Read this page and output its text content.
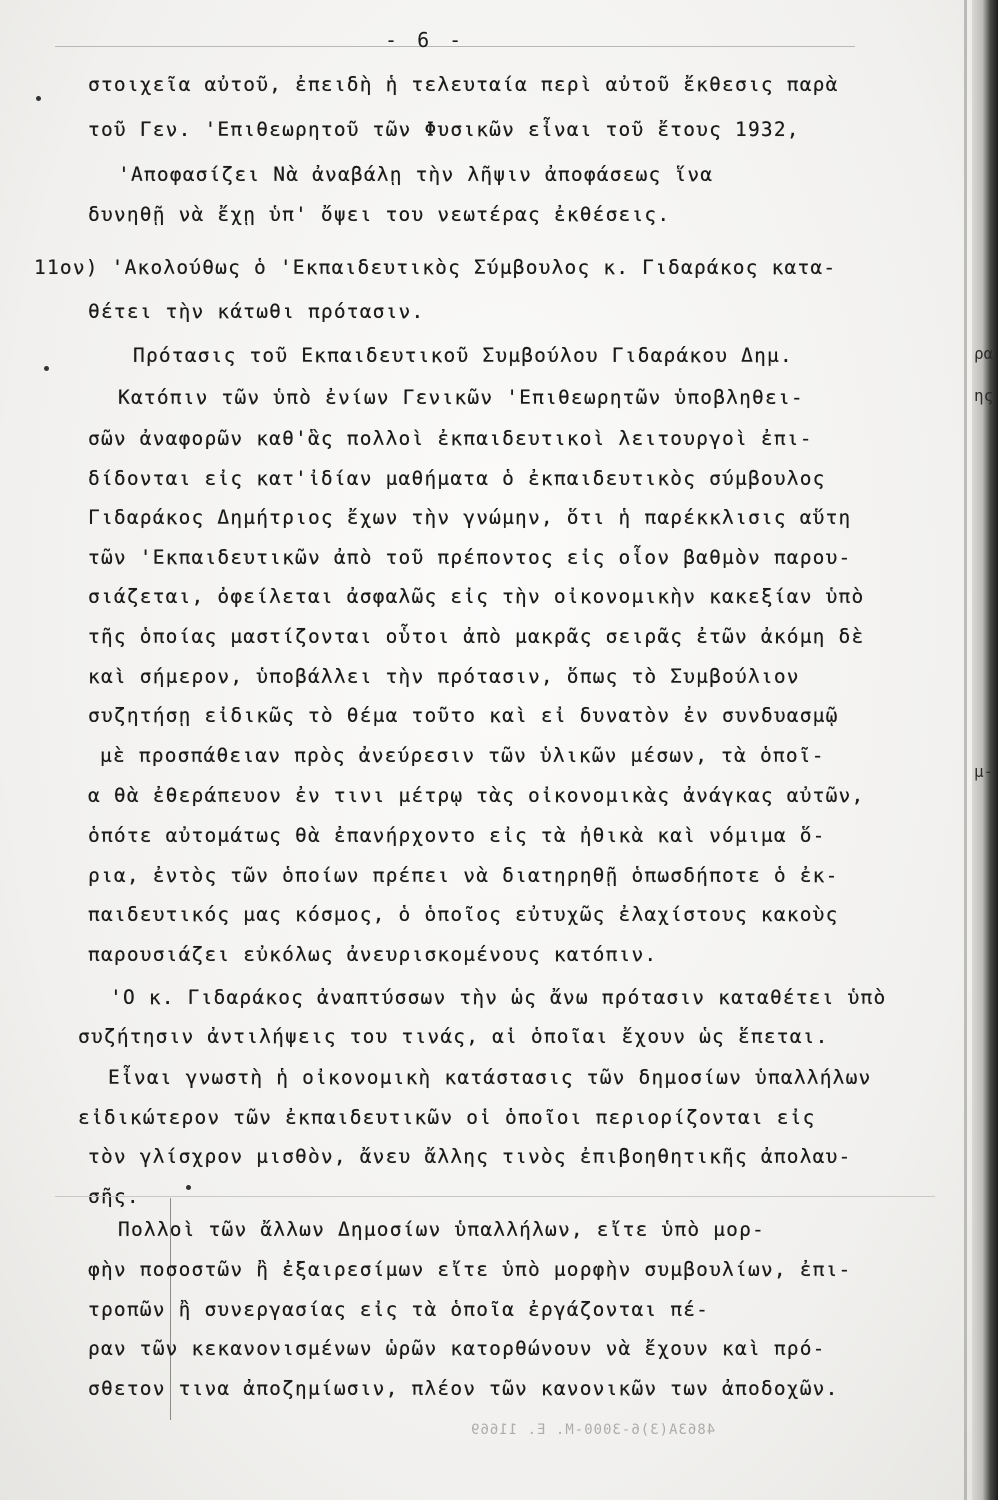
- 6 -
στοιχεῖα αὐτοῦ, ἐπειδὴ ἡ τελευταία περὶ αὐτοῦ ἔκθεσις παρὰ
τοῦ Γεν. 'Επιθεωρητοῦ τῶν Φυσικῶν εἶναι τοῦ ἔτους 1932,
'Αποφασίζει Νὰ ἀναβάλῃ τὴν λῆψιν ἀποφάσεως ἵνα
δυνηθῇ νὰ ἔχῃ ὑπ' ὄψει του νεωτέρας ἐκθέσεις.
11ον) 'Ακολούθως ὁ 'Εκπαιδευτικὸς Σύμβουλος κ. Γιδαράκος κατα-
θέτει τὴν κάτωθι πρότασιν.
Πρότασις τοῦ Εκπαιδευτικοῦ Συμβούλου Γιδαράκου Δημ.
Κατόπιν τῶν ὑπὸ ἐνίων Γενικῶν 'Επιθεωρητῶν ὑποβληθει-
σῶν ἀναφορῶν καθ'ἃς πολλοὶ ἐκπαιδευτικοὶ λειτουργοὶ ἐπι-
δίδονται εἰς κατ'ἰδίαν μαθήματα ὁ ἐκπαιδευτικὸς σύμβουλος
Γιδαράκος Δημήτριος ἔχων τὴν γνώμην, ὅτι ἡ παρέκκλισις αὕτη
τῶν 'Εκπαιδευτικῶν ἀπὸ τοῦ πρέποντος εἰς οἷον βαθμὸν παρου-
σιάζεται, ὀφείλεται ἀσφαλῶς εἰς τὴν οἰκονομικὴν κακεξίαν ὑπὸ
τῆς ὁποίας μαστίζονται οὗτοι ἀπὸ μακρᾶς σειρᾶς ἐτῶν ἀκόμη δὲ
καὶ σήμερον, ὑποβάλλει τὴν πρότασιν, ὅπως τὸ Συμβούλιον
συζητήσῃ εἰδικῶς τὸ θέμα τοῦτο καὶ εἰ δυνατὸν ἐν συνδυασμῷ
μὲ προσπάθειαν πρὸς ἀνεύρεσιν τῶν ὑλικῶν μέσων, τὰ ὁποῖ-
α θὰ ἐθεράπευον ἐν τινι μέτρῳ τὰς οἰκονομικὰς ἀνάγκας αὐτῶν,
ὁπότε αὐτομάτως θὰ ἐπανήρχοντο εἰς τὰ ἠθικὰ καὶ νόμιμα ὅ-
ρια, ἐντὸς τῶν ὁποίων πρέπει νὰ διατηρηθῇ ὁπωσδήποτε ὁ ἐκ-
παιδευτικός μας κόσμος, ὁ ὁποῖος εὐτυχῶς ἐλαχίστους κακοὺς
παρουσιάζει εὐκόλως ἀνευρισκομένους κατόπιν.
'Ο κ. Γιδαράκος ἀναπτύσσων τὴν ὡς ἄνω πρότασιν καταθέτει ὑπὸ
συζήτησιν ἀντιλήψεις του τινάς, αἱ ὁποῖαι ἔχουν ὡς ἕπεται.
Εἶναι γνωστὴ ἡ οἰκονομικὴ κατάστασις τῶν δημοσίων ὑπαλλήλων
εἰδικώτερον τῶν ἐκπαιδευτικῶν οἱ ὁποῖοι περιορίζονται εἰς
τὸν γλίσχρον μισθὸν, ἄνευ ἄλλης τινὸς ἐπιβοηθητικῆς ἀπολαυ-
σῆς.
Πολλοὶ τῶν ἄλλων Δημοσίων ὑπαλλήλων, εἴτε ὑπὸ μορ-
φὴν ποσοστῶν ἢ ἐξαιρεσίμων εἴτε ὑπὸ μορφὴν συμβουλίων, ἐπι-
τροπῶν ἢ συνεργασίας εἰς τὰ ὁποῖα ἐργάζονται πέ-
ραν τῶν κεκανονισμένων ὡρῶν κατορθώνουν νὰ ἔχουν καὶ πρό-
σθετον τινα ἀποζημίωσιν, πλέον τῶν κανονικῶν των ἀποδοχῶν.
ρα
ης
μ-
4863A(3)6-3000-M. E. 11669
